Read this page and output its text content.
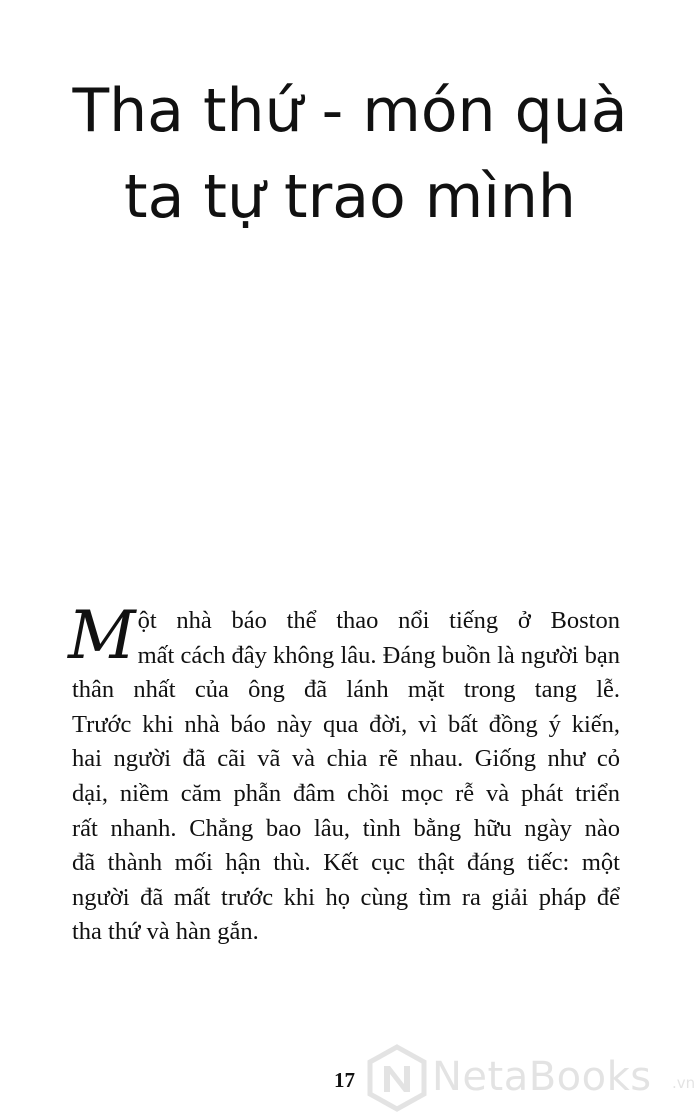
Tha thứ - món quà
ta tự trao mình
M ột nhà báo thể thao nổi tiếng ở Boston
mất cách đây không lâu. Đáng buồn là người bạn
thân nhất của ông đã lánh mặt trong tang lễ.
Trước khi nhà báo này qua đời, vì bất đồng ý kiến,
hai người đã cãi vã và chia rẽ nhau. Giống như cỏ
dại, niềm căm phẫn đâm chồi mọc rễ và phát triển
rất nhanh. Chẳng bao lâu, tình bằng hữu ngày nào
đã thành mối hận thù. Kết cục thật đáng tiếc: một
người đã mất trước khi họ cùng tìm ra giải pháp để
tha thứ và hàn gắn.
17 NetaBooks .vn
